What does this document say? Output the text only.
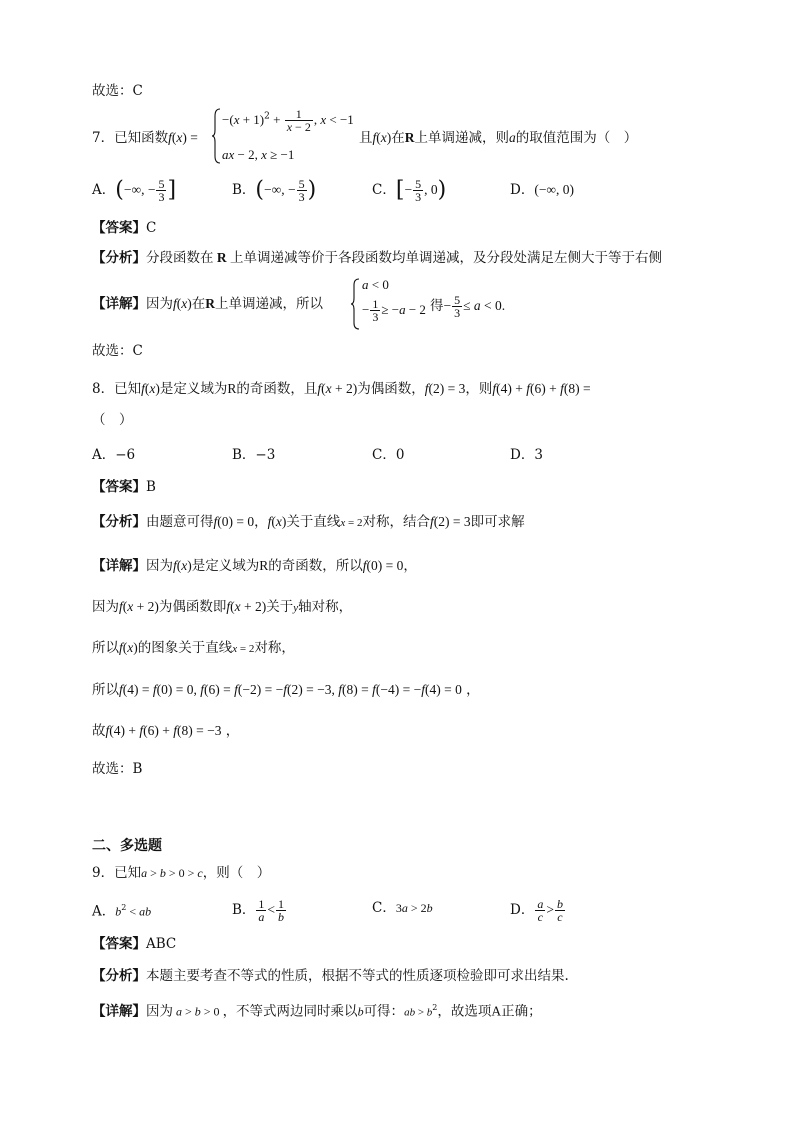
故选：C
7．已知函数f(x) =
$-(x + 1)^2 + \frac{1}{x - 2}$ , x < −1
ax − 2, x ≥ −1
且f(x)在R上单调递减，则a的取值范围为（　）
A．(−∞, − $\frac{5}{3}$ ]	B．(−∞, − $\frac{5}{3}$ )	C．[− $\frac{5}{3}$ , 0)	D．(−∞, 0)
【答案】C
【分析】分段函数在 R 上单调递减等价于各段函数均单调递减，及分段处满足左侧大于等于右侧
【详解】因为f(x)在R上单调递减，所以
a < 0
− $\frac{1}{3} \ge -a - 2$ 得− $\frac{5}{3} \le a < 0$.
故选：C
8．已知f(x)是定义域为R的奇函数，且f(x + 2)为偶函数，f(2) = 3，则f(4) + f(6) + f(8) =
（　）
A．−6	B．−3	C．0	D．3
【答案】B
【分析】由题意可得f(0) = 0，f(x)关于直线x = 2对称，结合f(2) = 3即可求解
【详解】因为f(x)是定义域为R的奇函数，所以f(0) = 0，
因为f(x + 2)为偶函数即f(x + 2)关于y轴对称，
所以f(x)的图象关于直线x = 2对称，
所以f(4) = f(0) = 0, f(6) = f(−2) = −f(2) = −3, f(8) = f(−4) = −f(4) = 0 ，
故f(4) + f(6) + f(8) = −3 ，
故选：B
二、多选题
9．已知a > b > 0 > c，则（　）
A．$b^2$ < ab	B． $\frac{1}{a} < \frac{1}{b}$	C．3a > 2b	D． $\frac{a}{c} > \frac{b}{c}$
【答案】ABC
【分析】本题主要考查不等式的性质，根据不等式的性质逐项检验即可求出结果.
【详解】因为 a > b > 0 ，不等式两边同时乘以b可得：ab > $b^2$，故选项A正确；
